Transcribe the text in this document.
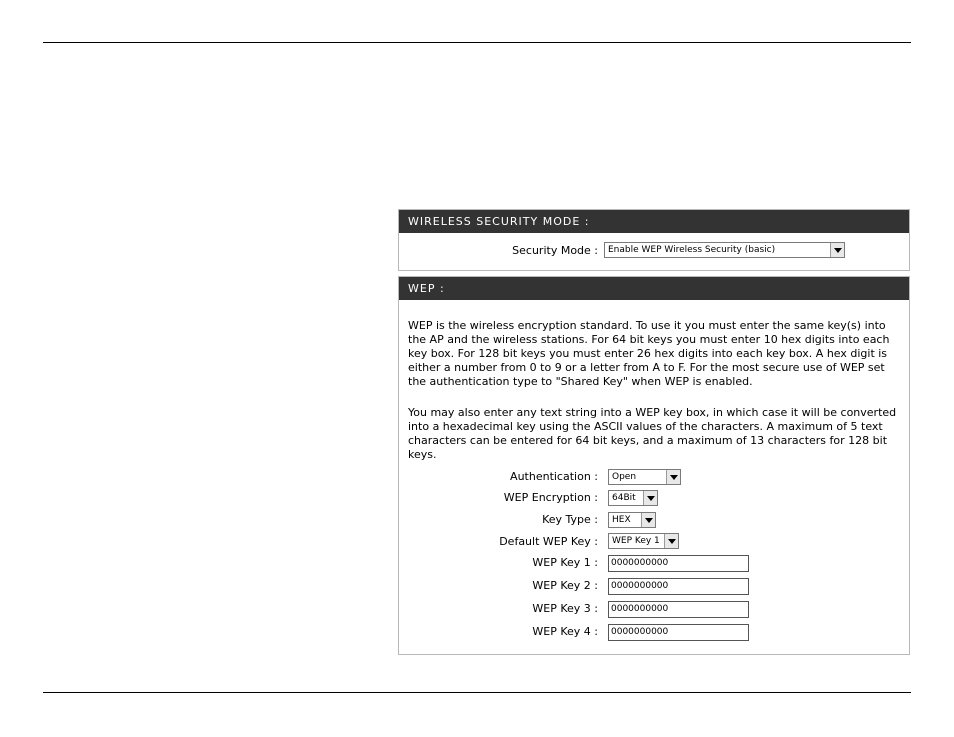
WIRELESS SECURITY MODE :
Security Mode :	Enable WEP Wireless Security (basic)
WEP :
WEP is the wireless encryption standard. To use it you must enter the same key(s) into the AP and the wireless stations. For 64 bit keys you must enter 10 hex digits into each key box. For 128 bit keys you must enter 26 hex digits into each key box. A hex digit is either a number from 0 to 9 or a letter from A to F. For the most secure use of WEP set the authentication type to "Shared Key" when WEP is enabled.
You may also enter any text string into a WEP key box, in which case it will be converted into a hexadecimal key using the ASCII values of the characters. A maximum of 5 text characters can be entered for 64 bit keys, and a maximum of 13 characters for 128 bit keys.
Authentication :	Open
WEP Encryption :	64Bit
Key Type :	HEX
Default WEP Key :	WEP Key 1
WEP Key 1 :	0000000000
WEP Key 2 :	0000000000
WEP Key 3 :	0000000000
WEP Key 4 :	0000000000
